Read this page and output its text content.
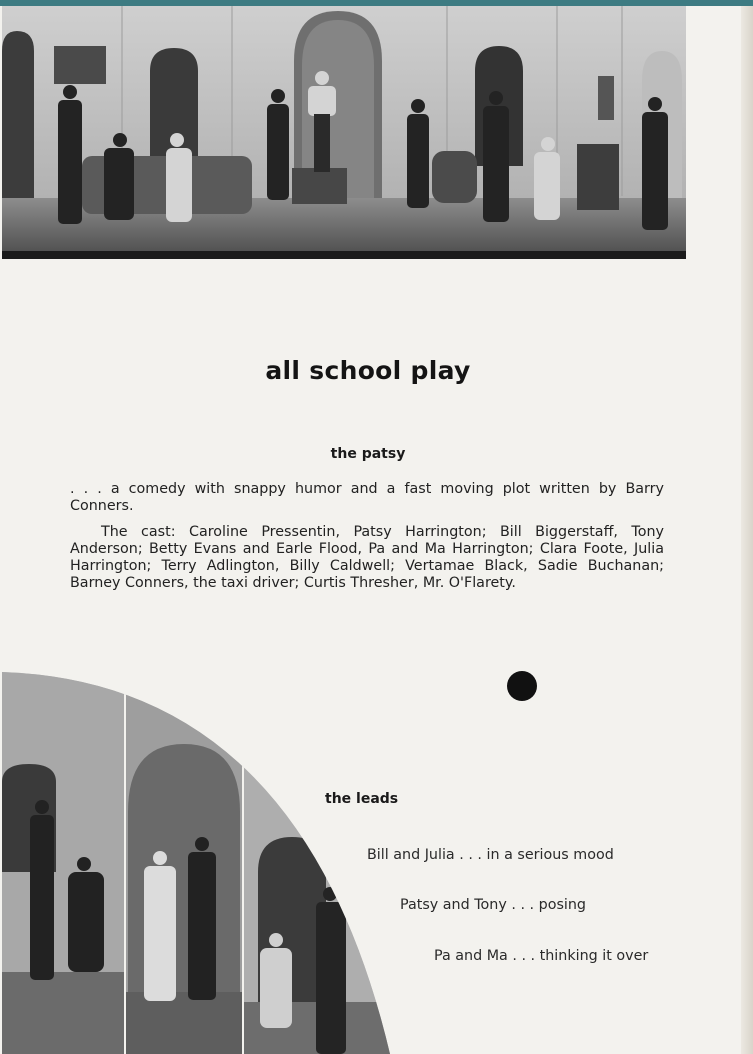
all school play
the patsy
. . . a comedy with snappy humor and a fast moving plot written by Barry Conners.
The cast: Caroline Pressentin, Patsy Harrington; Bill Biggerstaff, Tony Anderson; Betty Evans and Earle Flood, Pa and Ma Harrington; Clara Foote, Julia Harrington; Terry Adlington, Billy Caldwell; Vertamae Black, Sadie Buchanan; Barney Conners, the taxi driver; Curtis Thresher, Mr. O'Flarety.
the leads
Bill and Julia . . . in a serious mood
Patsy and Tony . . . posing
Pa and Ma . . . thinking it over
